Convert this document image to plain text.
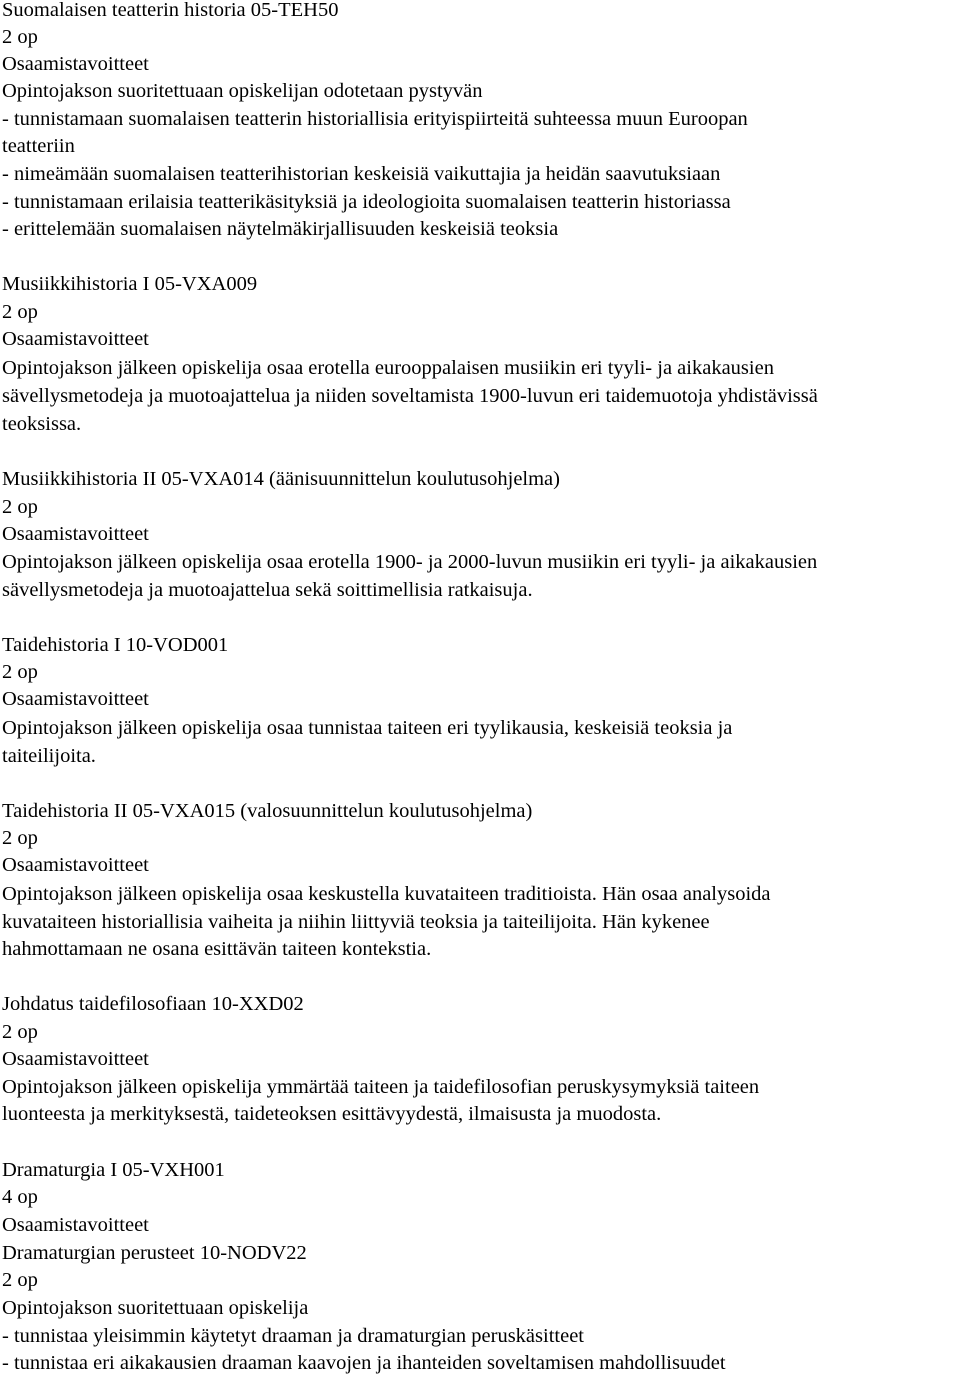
Suomalaisen teatterin historia 05-TEH50
2 op
Osaamistavoitteet
Opintojakson suoritettuaan opiskelijan odotetaan pystyvän
- tunnistamaan suomalaisen teatterin historiallisia erityispiirteitä suhteessa muun Euroopan
teatteriin
- nimeämään suomalaisen teatterihistorian keskeisiä vaikuttajia ja heidän saavutuksiaan
- tunnistamaan erilaisia teatterikäsityksiä ja ideologioita suomalaisen teatterin historiassa
- erittelemään suomalaisen näytelmäkirjallisuuden keskeisiä teoksia
Musiikkihistoria I 05-VXA009
2 op
Osaamistavoitteet
Opintojakson jälkeen opiskelija osaa erotella eurooppalaisen musiikin eri tyyli- ja aikakausien
sävellysmetodeja ja muotoajattelua ja niiden soveltamista 1900-luvun eri taidemuotoja yhdistävissä
teoksissa.
Musiikkihistoria II 05-VXA014 (äänisuunnittelun koulutusohjelma)
2 op
Osaamistavoitteet
Opintojakson jälkeen opiskelija osaa erotella 1900- ja 2000-luvun musiikin eri tyyli- ja aikakausien
sävellysmetodeja ja muotoajattelua sekä soittimellisia ratkaisuja.
Taidehistoria I 10-VOD001
2 op
Osaamistavoitteet
Opintojakson jälkeen opiskelija osaa tunnistaa taiteen eri tyylikausia, keskeisiä teoksia ja
taiteilijoita.
Taidehistoria II 05-VXA015 (valosuunnittelun koulutusohjelma)
2 op
Osaamistavoitteet
Opintojakson jälkeen opiskelija osaa keskustella kuvataiteen traditioista. Hän osaa analysoida
kuvataiteen historiallisia vaiheita ja niihin liittyviä teoksia ja taiteilijoita. Hän kykenee
hahmottamaan ne osana esittävän taiteen kontekstia.
Johdatus taidefilosofiaan 10-XXD02
2 op
Osaamistavoitteet
Opintojakson jälkeen opiskelija ymmärtää taiteen ja taidefilosofian peruskysymyksiä taiteen
luonteesta ja merkityksestä, taideteoksen esittävyydestä, ilmaisusta ja muodosta.
Dramaturgia I 05-VXH001
4 op
Osaamistavoitteet
Dramaturgian perusteet 10-NODV22
2 op
Opintojakson suoritettuaan opiskelija
- tunnistaa yleisimmin käytetyt draaman ja dramaturgian peruskäsitteet
- tunnistaa eri aikakausien draaman kaavojen ja ihanteiden soveltamisen mahdollisuudet
